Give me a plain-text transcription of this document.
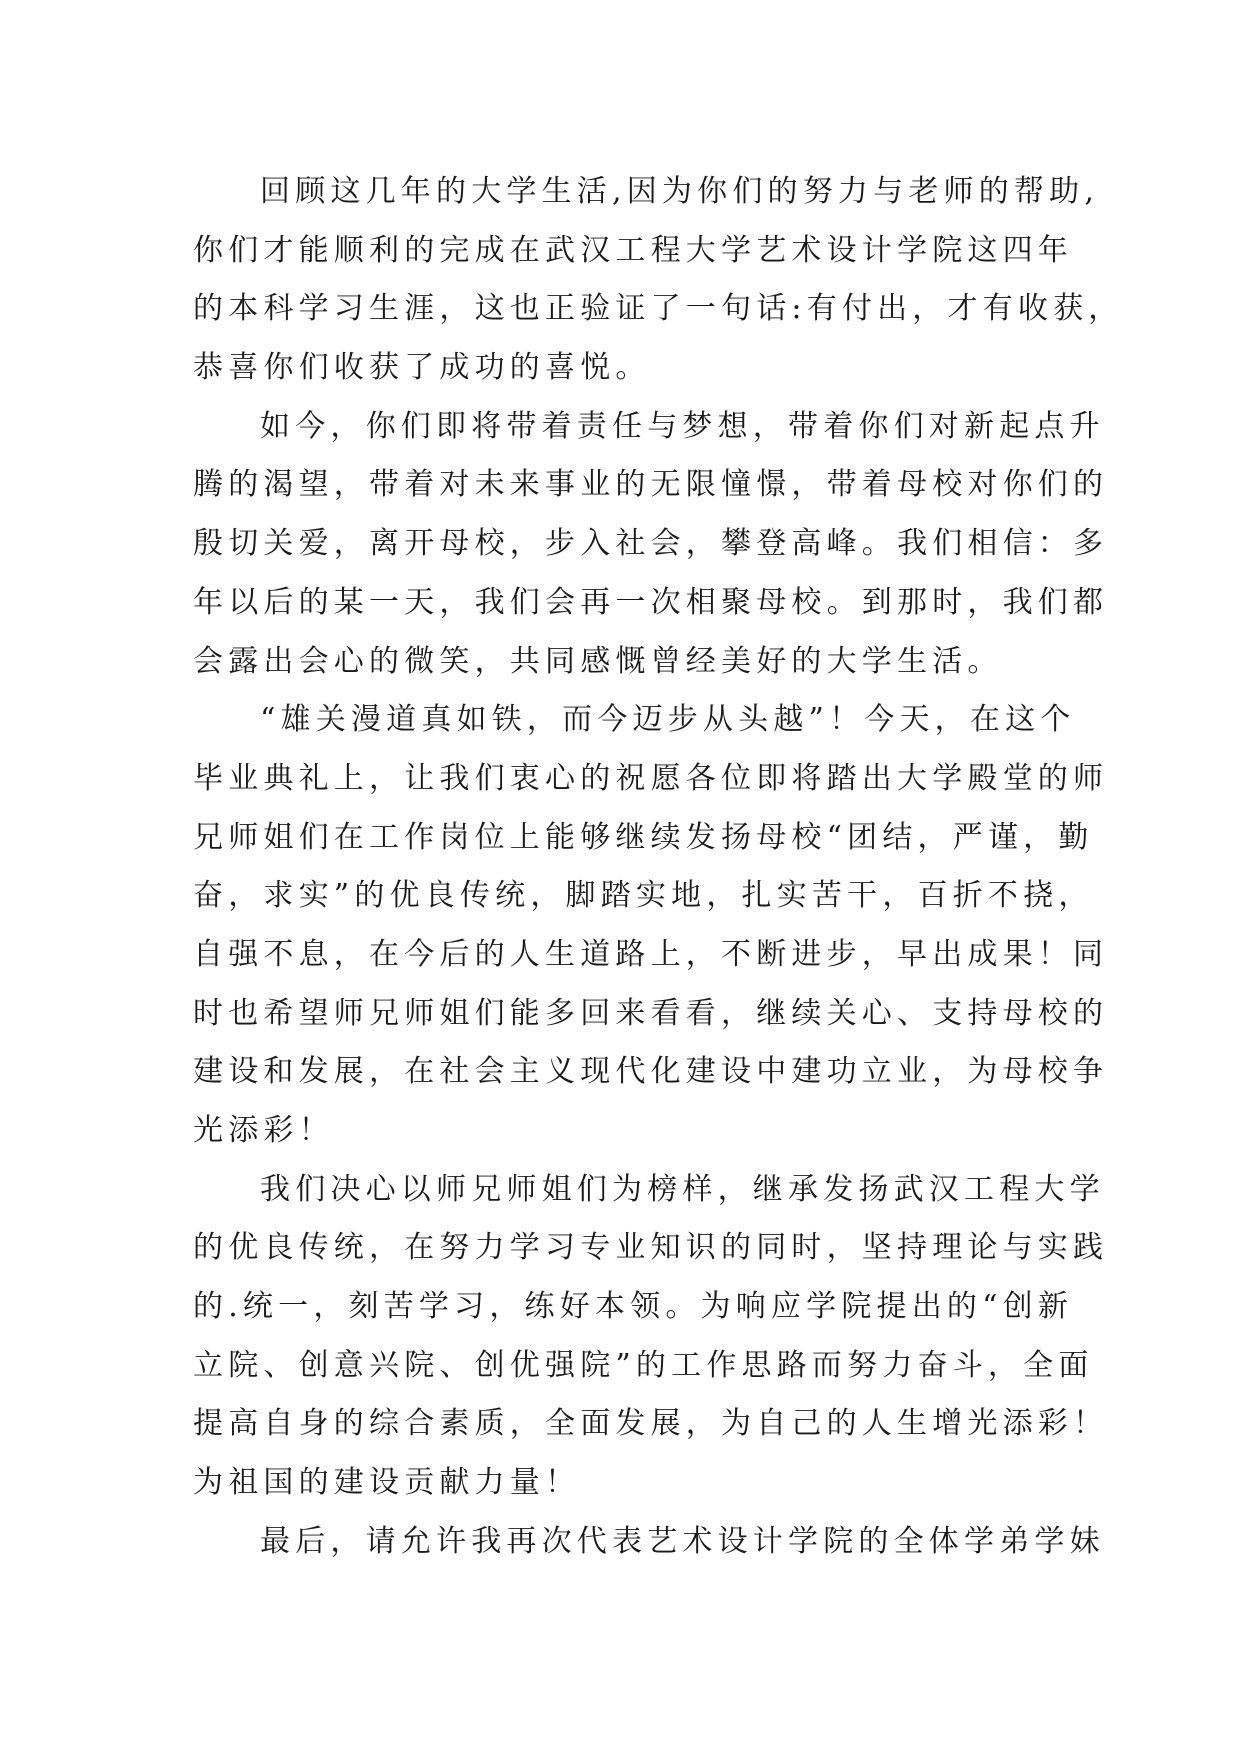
回顾这几年的大学生活,因为你们的努力与老师的帮助,
你们才能顺利的完成在武汉工程大学艺术设计学院这四年
的本科学习生涯，这也正验证了一句话:有付出，才有收获，
恭喜你们收获了成功的喜悦。
如今，你们即将带着责任与梦想，带着你们对新起点升
腾的渴望，带着对未来事业的无限憧憬，带着母校对你们的
殷切关爱，离开母校，步入社会，攀登高峰。我们相信：多
年以后的某一天，我们会再一次相聚母校。到那时，我们都
会露出会心的微笑，共同感慨曾经美好的大学生活。
“雄关漫道真如铁，而今迈步从头越”！今天，在这个
毕业典礼上，让我们衷心的祝愿各位即将踏出大学殿堂的师
兄师姐们在工作岗位上能够继续发扬母校“团结，严谨，勤
奋，求实”的优良传统，脚踏实地，扎实苦干，百折不挠，
自强不息，在今后的人生道路上，不断进步，早出成果！同
时也希望师兄师姐们能多回来看看，继续关心、支持母校的
建设和发展，在社会主义现代化建设中建功立业，为母校争
光添彩！
我们决心以师兄师姐们为榜样，继承发扬武汉工程大学
的优良传统，在努力学习专业知识的同时，坚持理论与实践
的.统一，刻苦学习，练好本领。为响应学院提出的“创新
立院、创意兴院、创优强院”的工作思路而努力奋斗，全面
提高自身的综合素质，全面发展，为自己的人生增光添彩！
为祖国的建设贡献力量！
最后，请允许我再次代表艺术设计学院的全体学弟学妹
